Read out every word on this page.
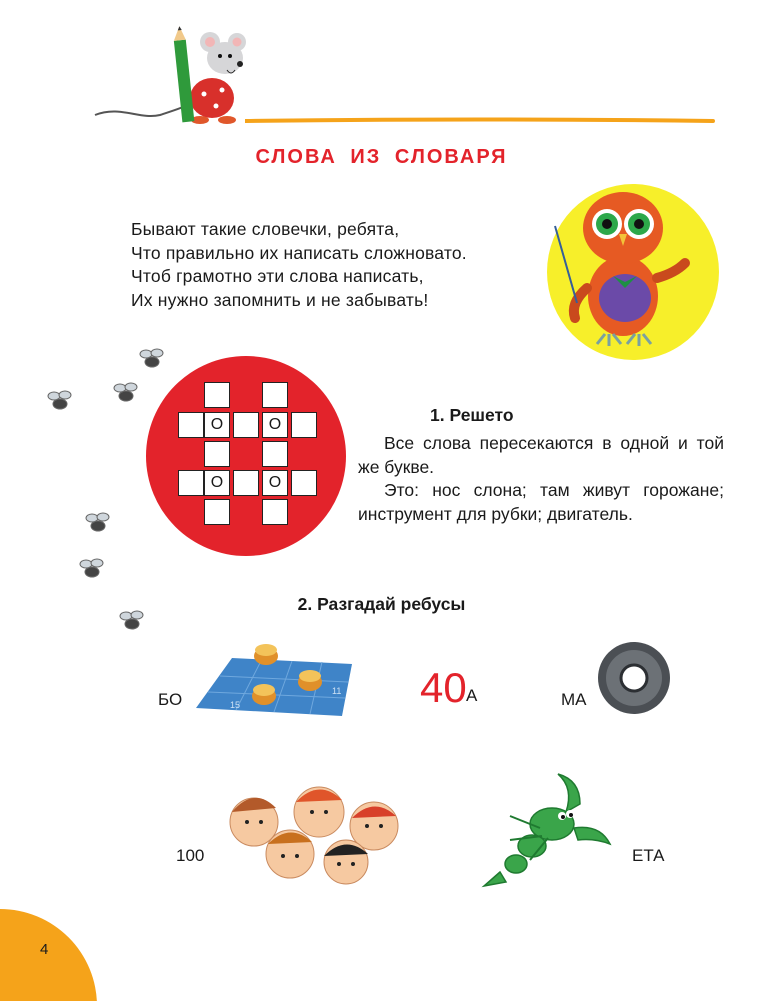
4
СЛОВА ИЗ СЛОВАРЯ
Бывают такие словечки, ребята,
Что правильно их написать сложновато.
Чтоб грамотно эти слова написать,
Их нужно запомнить и не забывать!
О	О
О	О
1. Решето

Все слова пересекаются в одной и той же букве.

Это: нос слона; там живут горожане; инструмент для рубки; двигатель.

2. Разгадай ребусы
БО	15
11 40 А	МА
100	ЕТА
